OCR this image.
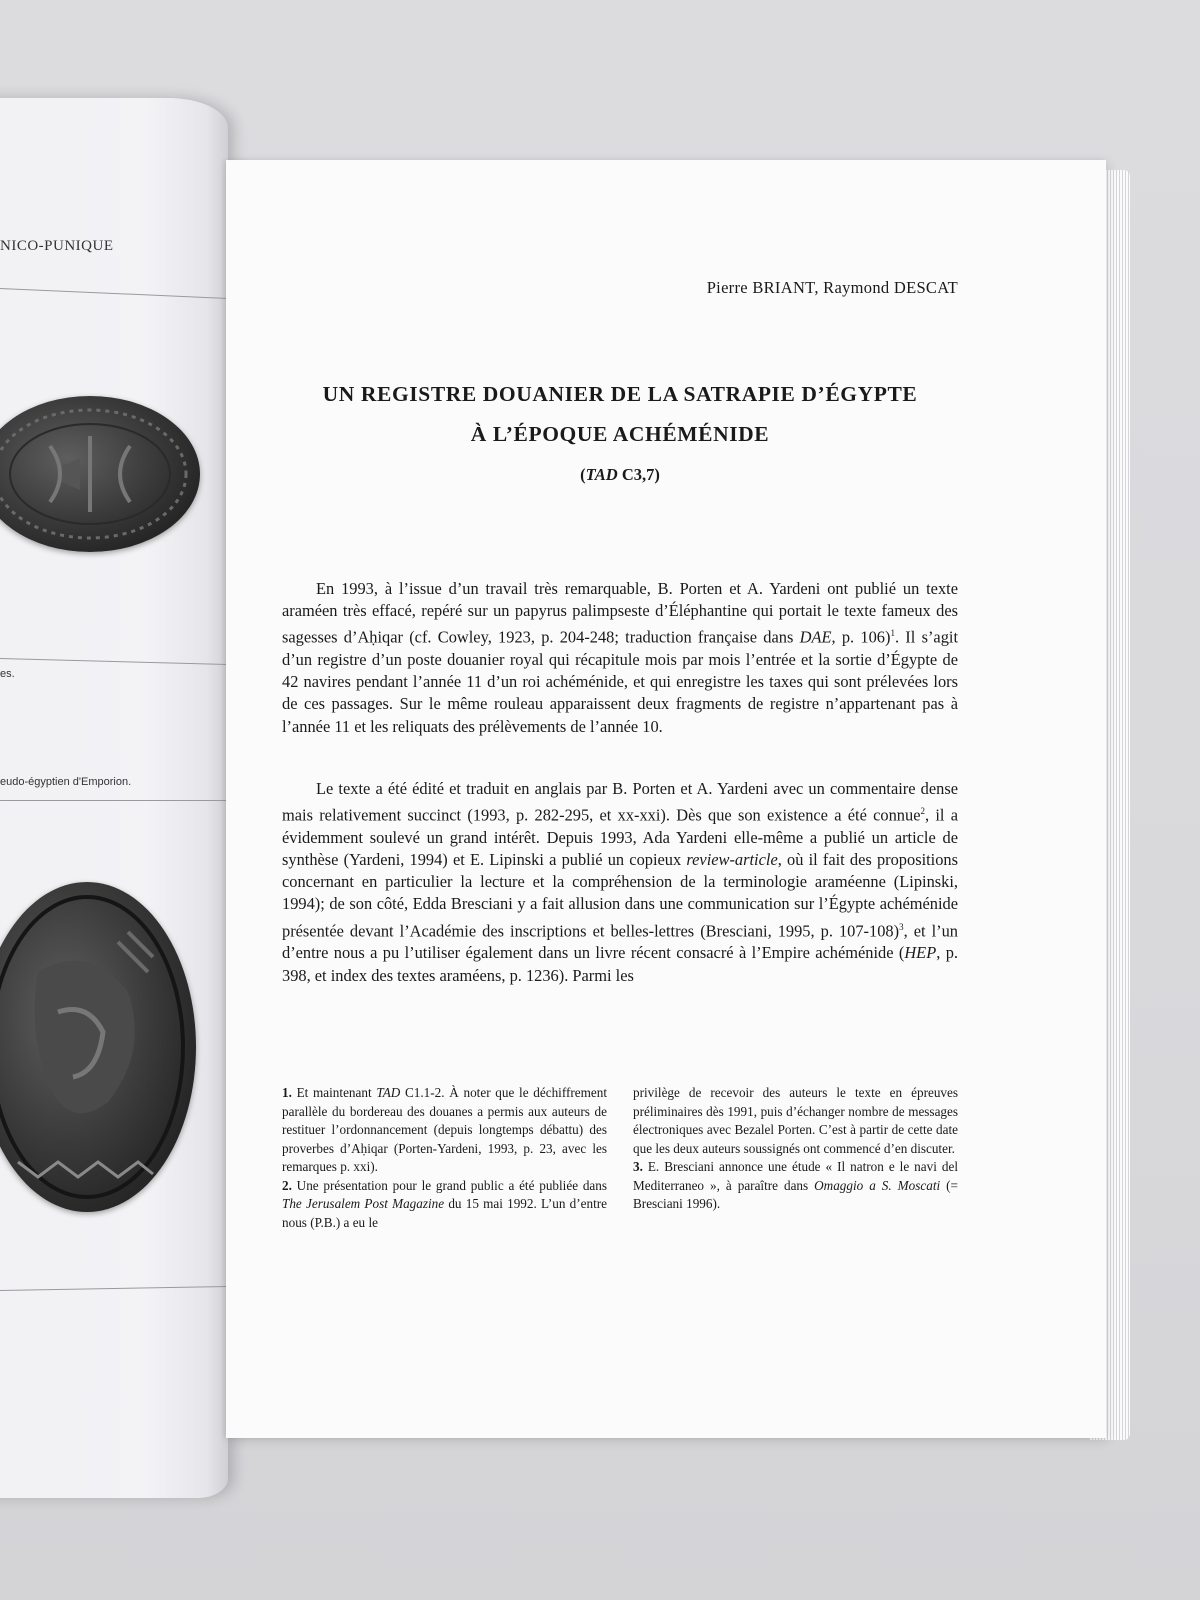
NICO-PUNIQUE
es.
eudo-égyptien d'Emporion.
Pierre BRIANT, Raymond DESCAT
UN REGISTRE DOUANIER DE LA SATRAPIE D’ÉGYPTE
À L’ÉPOQUE ACHÉMÉNIDE
(TAD C3,7)

En 1993, à l’issue d’un travail très remarquable, B. Porten et A. Yardeni ont publié un texte araméen très effacé, repéré sur un papyrus palimpseste d’Éléphantine qui portait le texte fameux des sagesses d’Aḥiqar (cf. Cowley, 1923, p. 204-248; traduction française dans DAE, p. 106)$^1$. Il s’agit d’un registre d’un poste douanier royal qui récapitule mois par mois l’entrée et la sortie d’Égypte de 42 navires pendant l’année 11 d’un roi achéménide, et qui enregistre les taxes qui sont prélevées lors de ces passages. Sur le même rouleau apparaissent deux fragments de registre n’appartenant pas à l’année 11 et les reliquats des prélèvements de l’année 10.

Le texte a été édité et traduit en anglais par B. Porten et A. Yardeni avec un commentaire dense mais relativement succinct (1993, p. 282-295, et xx-xxi). Dès que son existence a été connue$^2$, il a évidemment soulevé un grand intérêt. Depuis 1993, Ada Yardeni elle-même a publié un article de synthèse (Yardeni, 1994) et E. Lipinski a publié un copieux review-article, où il fait des propositions concernant en particulier la lecture et la compréhension de la terminologie araméenne (Lipinski, 1994); de son côté, Edda Bresciani y a fait allusion dans une communication sur l’Égypte achéménide présentée devant l’Académie des inscriptions et belles-lettres (Bresciani, 1995, p. 107-108)$^3$, et l’un d’entre nous a pu l’utiliser également dans un livre récent consacré à l’Empire achéménide (HEP, p. 398, et index des textes araméens, p. 1236). Parmi les

1. Et maintenant TAD C1.1-2. À noter que le déchiffrement parallèle du bordereau des douanes a permis aux auteurs de restituer l’ordonnancement (depuis longtemps débattu) des proverbes d’Aḥiqar (Porten-Yardeni, 1993, p. 23, avec les remarques p. xxi).

2. Une présentation pour le grand public a été publiée dans The Jerusalem Post Magazine du 15 mai 1992. L’un d’entre nous (P.B.) a eu le

privilège de recevoir des auteurs le texte en épreuves préliminaires dès 1991, puis d’échanger nombre de messages électroniques avec Bezalel Porten. C’est à partir de cette date que les deux auteurs soussignés ont commencé d’en discuter.

3. E. Bresciani annonce une étude « Il natron e le navi del Mediterraneo », à paraître dans Omaggio a S. Moscati (= Bresciani 1996).
